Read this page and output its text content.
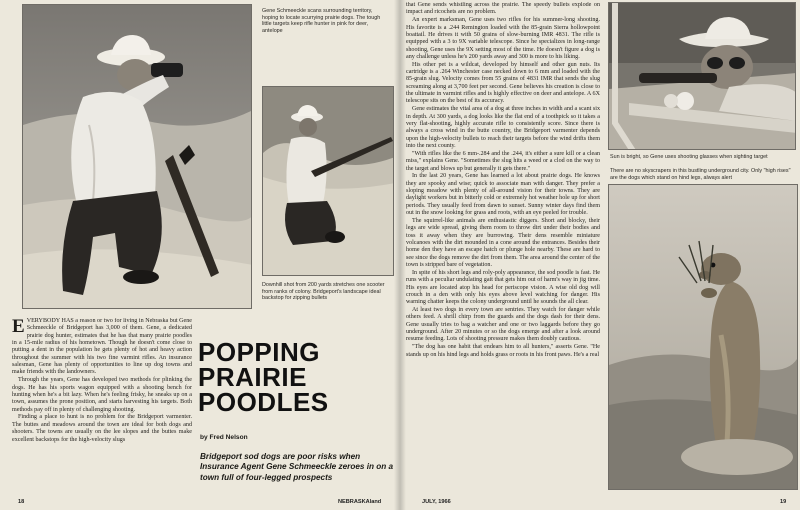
Gene Schmeeckle scans surrounding territory, hoping to locate scurrying prairie dogs. The tough little targets keep rifle hunter in pink for deer, antelope
Downhill shot from 200 yards stretches one scooter from ranks of colony. Bridgeport's landscape ideal backstop for zipping bullets

EVERYBODY HAS a reason or two for living in Nebraska but Gene Schmeeckle of Bridgeport has 3,000 of them. Gene, a dedicated prairie dog hunter, estimates that he has that many prairie poodles in a 15-mile radius of his hometown. Though he doesn't come close to putting a dent in the population he gets plenty of hot and heavy action throughout the summer with his two fine varmint rifles. An insurance salesman, Gene has plenty of opportunities to line up dog towns and make friends with the landowners.

Through the years, Gene has developed two methods for plinking the dogs. He has his sports wagon equipped with a shooting bench for hunting when he's a bit lazy. When he's feeling frisky, he sneaks up on a town, assumes the prone position, and starts harvesting his targets. Both methods pay off in plenty of challenging shooting.

Finding a place to hunt is no problem for the Bridgeport varmenter. The buttes and meadows around the town are ideal for both dogs and shooters. The towns are usually on the lee slopes and the buttes make excellent backstops for the high-velocity slugs

POPPING
PRAIRIE
POODLES
by Fred Nelson
Bridgeport sod dogs are poor risks when Insurance Agent Gene Schmeeckle zeroes in on a town full of four-legged prospects
18	NEBRASKAland

that Gene sends whistling across the prairie. The speedy bullets explode on impact and ricochets are no problem.

An expert marksman, Gene uses two rifles for his summer-long shooting. His favorite is a .244 Remington loaded with the 85-grain Sierra hollowpoint boattail. He drives it with 50 grains of slow-burning IMR 4831. The rifle is equipped with a 3 to 9X variable telescope. Since he specializes in long-range shooting, Gene uses the 9X setting most of the time. He doesn't figure a dog is any challenge unless he's 200 yards away and 300 is more to his liking.

His other pet is a wildcat, developed by himself and other gun nuts. Its cartridge is a .264 Winchester case necked down to 6 mm and loaded with the 85-grain slug. Velocity comes from 55 grains of 4831 IMR that sends the slug screaming along at 3,700 feet per second. Gene believes his creation is close to the ultimate in varmint rifles and is highly effective on deer and antelope. A 6X telescope sits on the best of its accuracy.

Gene estimates the vital area of a dog at three inches in width and a scant six in depth. At 300 yards, a dog looks like the flat end of a toothpick so it takes a very flat-shooting, highly accurate rifle to consistently score. Since there is always a cross wind in the butte country, the Bridgeport varmenter depends upon the high-velocity bullets to reach their targets before the wind drifts them into the next county.

"With rifles like the 6 mm-.284 and the .244, it's either a sure kill or a clean miss," explains Gene. "Sometimes the slug hits a weed or a clod on the way to the target and blows up but generally it gets there."

In the last 20 years, Gene has learned a lot about prairie dogs. He knows they are spooky and wise; quick to associate man with danger. They prefer a sloping meadow with plenty of all-around vision for their towns. They are daylight workers but in bitterly cold or extremely hot weather hole up for short periods. They usually feed from dawn to sunset. Sunny winter days find them out in the snow looking for grass and roots, with an eye peeled for trouble.

The squirrel-like animals are enthusiastic diggers. Short and blocky, their legs are wide spread, giving them room to throw dirt under their bodies and toss it away when they are burrowing. Their dens resemble miniature volcanoes with the dirt mounded in a cone around the entrances. Besides their home den they have an escape hatch or plunge hole nearby. These are hard to see since the dogs remove the dirt from them. The area around the center of the town is stripped bare of vegetation.

In spite of his short legs and roly-poly appearance, the sod poodle is fast. He runs with a peculiar undulating gait that gets him out of harm's way in jig time. His eyes are located atop his head for periscope vision. A wise old dog will crouch in a den with only his eyes above level watching for danger. His warning chatter keeps the colony underground until he sounds the all clear.

At least two dogs in every town are sentries. They watch for danger while others feed. A shrill chirp from the guards and the dogs dash for their dens. Gene usually tries to bag a watcher and one or two laggards before they go underground. After 20 minutes or so the dogs emerge and after a look around resume feeding. Lots of shooting pressure makes them doubly cautious.

"The dog has one habit that endears him to all hunters," asserts Gene. "He stands up on his hind legs and holds grass or roots in his front paws. He's a real

Sun is bright, so Gene uses shooting glasses when sighting target
There are no skyscrapers in this bustling underground city. Only "high rises" are the dogs which stand on hind legs, always alert
JULY, 1966	19
